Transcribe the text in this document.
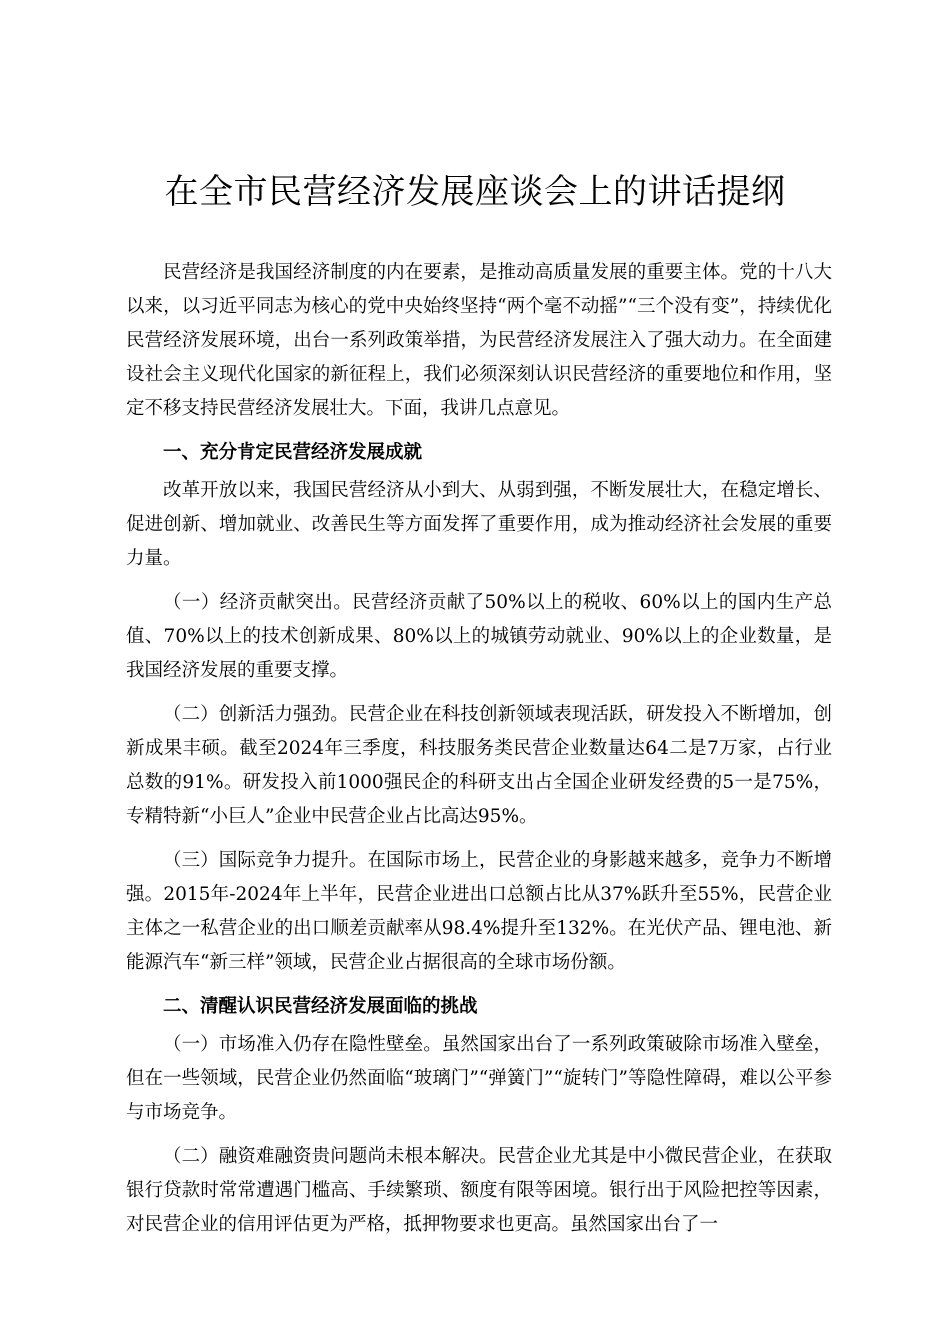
在全市民营经济发展座谈会上的讲话提纲

民营经济是我国经济制度的内在要素，是推动高质量发展的重要主体。党的十八大以来，以习近平同志为核心的党中央始终坚持“两个毫不动摇”“三个没有变”，持续优化民营经济发展环境，出台一系列政策举措，为民营经济发展注入了强大动力。在全面建设社会主义现代化国家的新征程上，我们必须深刻认识民营经济的重要地位和作用，坚定不移支持民营经济发展壮大。下面，我讲几点意见。

一、充分肯定民营经济发展成就

改革开放以来，我国民营经济从小到大、从弱到强，不断发展壮大，在稳定增长、促进创新、增加就业、改善民生等方面发挥了重要作用，成为推动经济社会发展的重要力量。

（一）经济贡献突出。民营经济贡献了50%以上的税收、60%以上的国内生产总值、70%以上的技术创新成果、80%以上的城镇劳动就业、90%以上的企业数量，是我国经济发展的重要支撑。

（二）创新活力强劲。民营企业在科技创新领域表现活跃，研发投入不断增加，创新成果丰硕。截至2024年三季度，科技服务类民营企业数量达64二是7万家，占行业总数的91%。研发投入前1000强民企的科研支出占全国企业研发经费的5一是75%，专精特新“小巨人”企业中民营企业占比高达95%。

（三）国际竞争力提升。在国际市场上，民营企业的身影越来越多，竞争力不断增强。2015年-2024年上半年，民营企业进出口总额占比从37%跃升至55%，民营企业主体之一私营企业的出口顺差贡献率从98.4%提升至132%。在光伏产品、锂电池、新能源汽车“新三样”领域，民营企业占据很高的全球市场份额。

二、清醒认识民营经济发展面临的挑战

（一）市场准入仍存在隐性壁垒。虽然国家出台了一系列政策破除市场准入壁垒，但在一些领域，民营企业仍然面临“玻璃门”“弹簧门”“旋转门”等隐性障碍，难以公平参与市场竞争。

（二）融资难融资贵问题尚未根本解决。民营企业尤其是中小微民营企业，在获取银行贷款时常常遭遇门槛高、手续繁琐、额度有限等困境。银行出于风险把控等因素，对民营企业的信用评估更为严格，抵押物要求也更高。虽然国家出台了一
